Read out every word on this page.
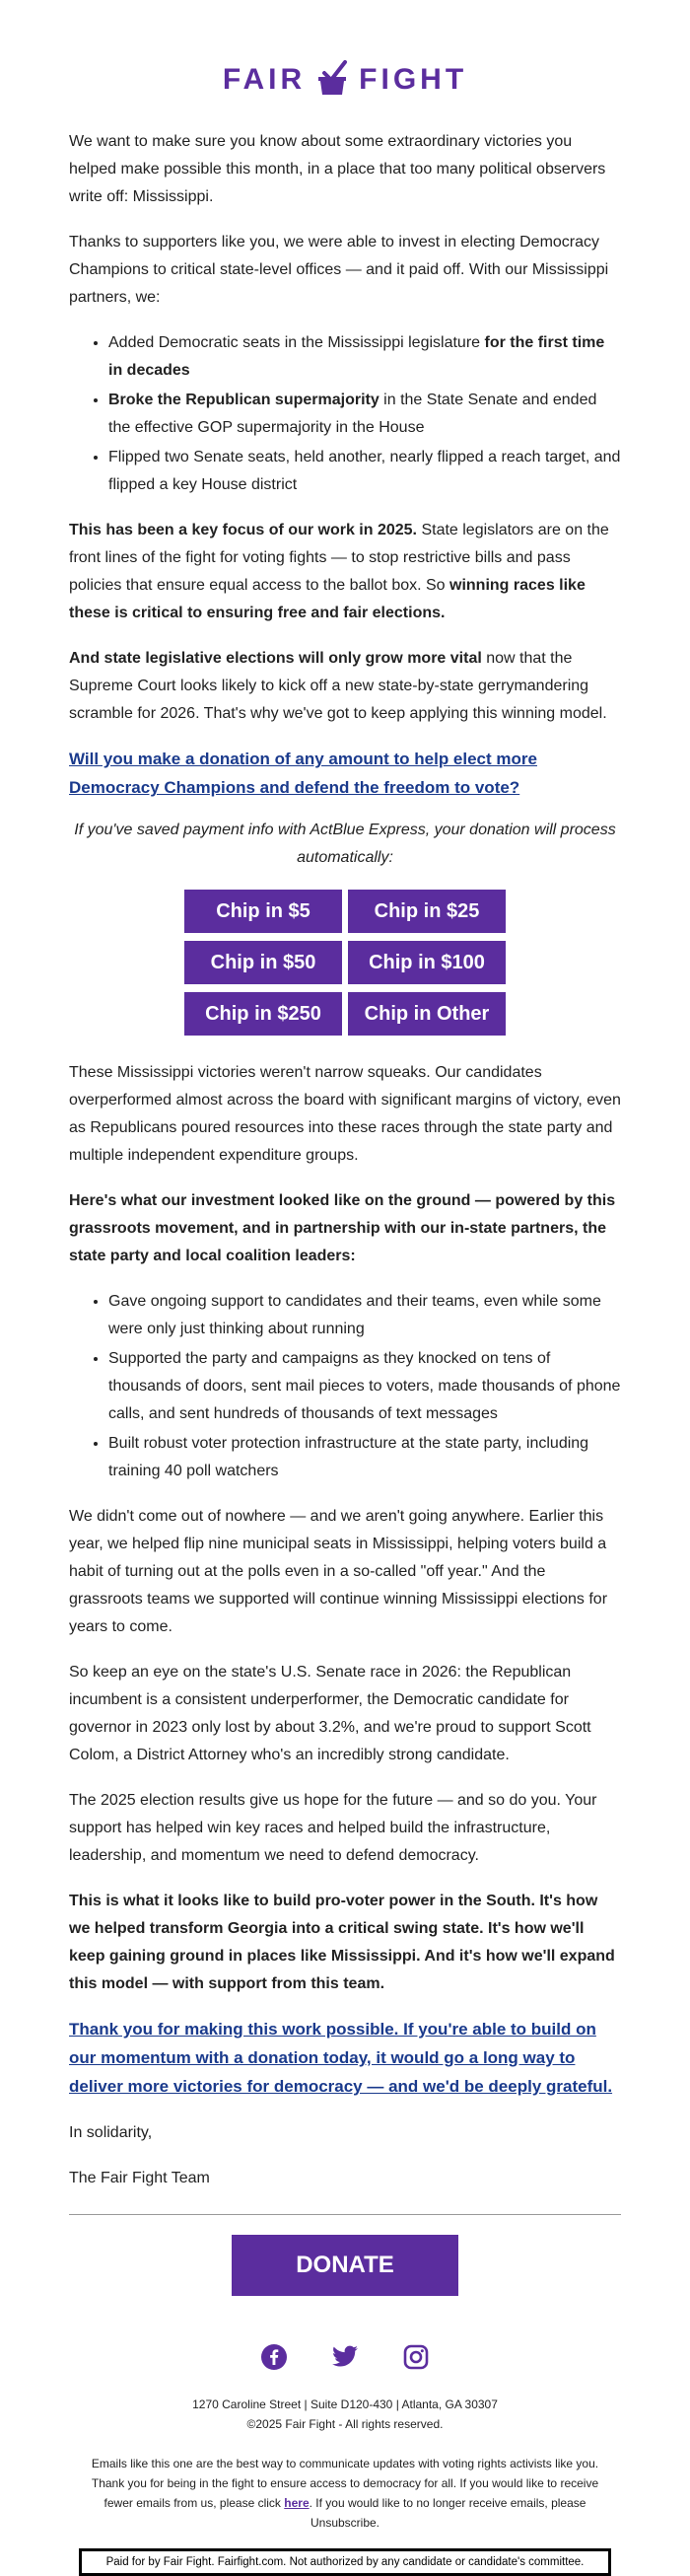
FAIR FIGHT

We want to make sure you know about some extraordinary victories you helped make possible this month, in a place that too many political observers write off: Mississippi.

Thanks to supporters like you, we were able to invest in electing Democracy Champions to critical state-level offices — and it paid off. With our Mississippi partners, we:

• Added Democratic seats in the Mississippi legislature for the first time in decades
• Broke the Republican supermajority in the State Senate and ended the effective GOP supermajority in the House
• Flipped two Senate seats, held another, nearly flipped a reach target, and flipped a key House district

This has been a key focus of our work in 2025. State legislators are on the front lines of the fight for voting fights — to stop restrictive bills and pass policies that ensure equal access to the ballot box. So winning races like these is critical to ensuring free and fair elections.

And state legislative elections will only grow more vital now that the Supreme Court looks likely to kick off a new state-by-state gerrymandering scramble for 2026. That's why we've got to keep applying this winning model.

Will you make a donation of any amount to help elect more Democracy Champions and defend the freedom to vote?

If you've saved payment info with ActBlue Express, your donation will process automatically:

Chip in $5	Chip in $25
Chip in $50	Chip in $100
Chip in $250	Chip in Other

These Mississippi victories weren't narrow squeaks. Our candidates overperformed almost across the board with significant margins of victory, even as Republicans poured resources into these races through the state party and multiple independent expenditure groups.

Here's what our investment looked like on the ground — powered by this grassroots movement, and in partnership with our in-state partners, the state party and local coalition leaders:

• Gave ongoing support to candidates and their teams, even while some were only just thinking about running
• Supported the party and campaigns as they knocked on tens of thousands of doors, sent mail pieces to voters, made thousands of phone calls, and sent hundreds of thousands of text messages
• Built robust voter protection infrastructure at the state party, including training 40 poll watchers

We didn't come out of nowhere — and we aren't going anywhere. Earlier this year, we helped flip nine municipal seats in Mississippi, helping voters build a habit of turning out at the polls even in a so-called "off year." And the grassroots teams we supported will continue winning Mississippi elections for years to come.

So keep an eye on the state's U.S. Senate race in 2026: the Republican incumbent is a consistent underperformer, the Democratic candidate for governor in 2023 only lost by about 3.2%, and we're proud to support Scott Colom, a District Attorney who's an incredibly strong candidate.

The 2025 election results give us hope for the future — and so do you. Your support has helped win key races and helped build the infrastructure, leadership, and momentum we need to defend democracy.

This is what it looks like to build pro-voter power in the South. It's how we helped transform Georgia into a critical swing state. It's how we'll keep gaining ground in places like Mississippi. And it's how we'll expand this model — with support from this team.

Thank you for making this work possible. If you're able to build on our momentum with a donation today, it would go a long way to deliver more victories for democracy — and we'd be deeply grateful.

In solidarity,

The Fair Fight Team

DONATE
1270 Caroline Street | Suite D120-430 | Atlanta, GA 30307
©2025 Fair Fight - All rights reserved.
Emails like this one are the best way to communicate updates with voting rights activists like you. Thank you for being in the fight to ensure access to democracy for all. If you would like to receive fewer emails from us, please click here. If you would like to no longer receive emails, please Unsubscribe.
Paid for by Fair Fight. Fairfight.com. Not authorized by any candidate or candidate's committee.
